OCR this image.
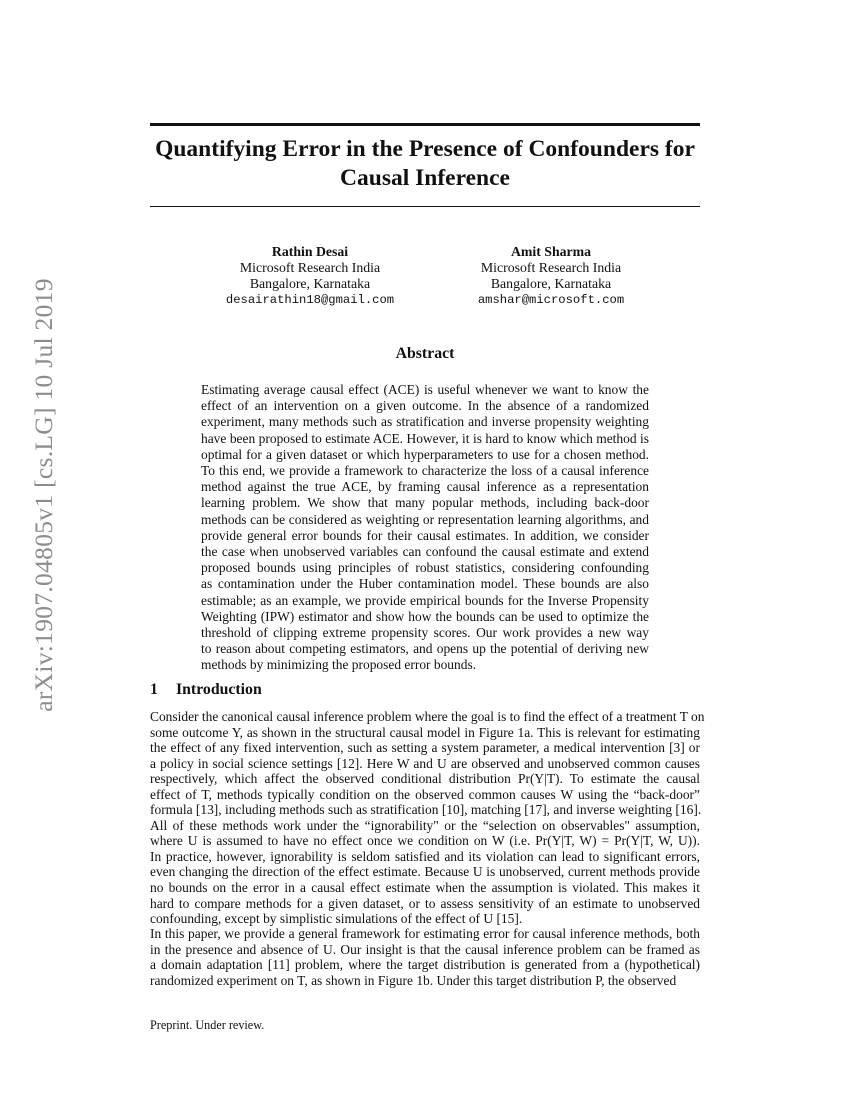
arXiv:1907.04805v1 [cs.LG] 10 Jul 2019
Quantifying Error in the Presence of Confounders for
Causal Inference
Rathin Desai
Microsoft Research India
Bangalore, Karnataka
desairathin18@gmail.com
Amit Sharma
Microsoft Research India
Bangalore, Karnataka
amshar@microsoft.com
Abstract
Estimating average causal effect (ACE) is useful whenever we want to know the
effect of an intervention on a given outcome. In the absence of a randomized
experiment, many methods such as stratification and inverse propensity weighting
have been proposed to estimate ACE. However, it is hard to know which method is
optimal for a given dataset or which hyperparameters to use for a chosen method.
To this end, we provide a framework to characterize the loss of a causal inference
method against the true ACE, by framing causal inference as a representation
learning problem. We show that many popular methods, including back-door
methods can be considered as weighting or representation learning algorithms, and
provide general error bounds for their causal estimates. In addition, we consider
the case when unobserved variables can confound the causal estimate and extend
proposed bounds using principles of robust statistics, considering confounding
as contamination under the Huber contamination model. These bounds are also
estimable; as an example, we provide empirical bounds for the Inverse Propensity
Weighting (IPW) estimator and show how the bounds can be used to optimize the
threshold of clipping extreme propensity scores. Our work provides a new way
to reason about competing estimators, and opens up the potential of deriving new
methods by minimizing the proposed error bounds.
1 Introduction
Consider the canonical causal inference problem where the goal is to find the effect of a treatment T on
some outcome Y, as shown in the structural causal model in Figure 1a. This is relevant for estimating
the effect of any fixed intervention, such as setting a system parameter, a medical intervention [3] or
a policy in social science settings [12]. Here W and U are observed and unobserved common causes
respectively, which affect the observed conditional distribution Pr(Y|T). To estimate the causal
effect of T, methods typically condition on the observed common causes W using the “back-door”
formula [13], including methods such as stratification [10], matching [17], and inverse weighting [16].
All of these methods work under the “ignorability" or the “selection on observables" assumption,
where U is assumed to have no effect once we condition on W (i.e. Pr(Y|T, W) = Pr(Y|T, W, U)).
In practice, however, ignorability is seldom satisfied and its violation can lead to significant errors,
even changing the direction of the effect estimate. Because U is unobserved, current methods provide
no bounds on the error in a causal effect estimate when the assumption is violated. This makes it
hard to compare methods for a given dataset, or to assess sensitivity of an estimate to unobserved
confounding, except by simplistic simulations of the effect of U [15].
In this paper, we provide a general framework for estimating error for causal inference methods, both
in the presence and absence of U. Our insight is that the causal inference problem can be framed as
a domain adaptation [11] problem, where the target distribution is generated from a (hypothetical)
randomized experiment on T, as shown in Figure 1b. Under this target distribution P, the observed

Preprint. Under review.
